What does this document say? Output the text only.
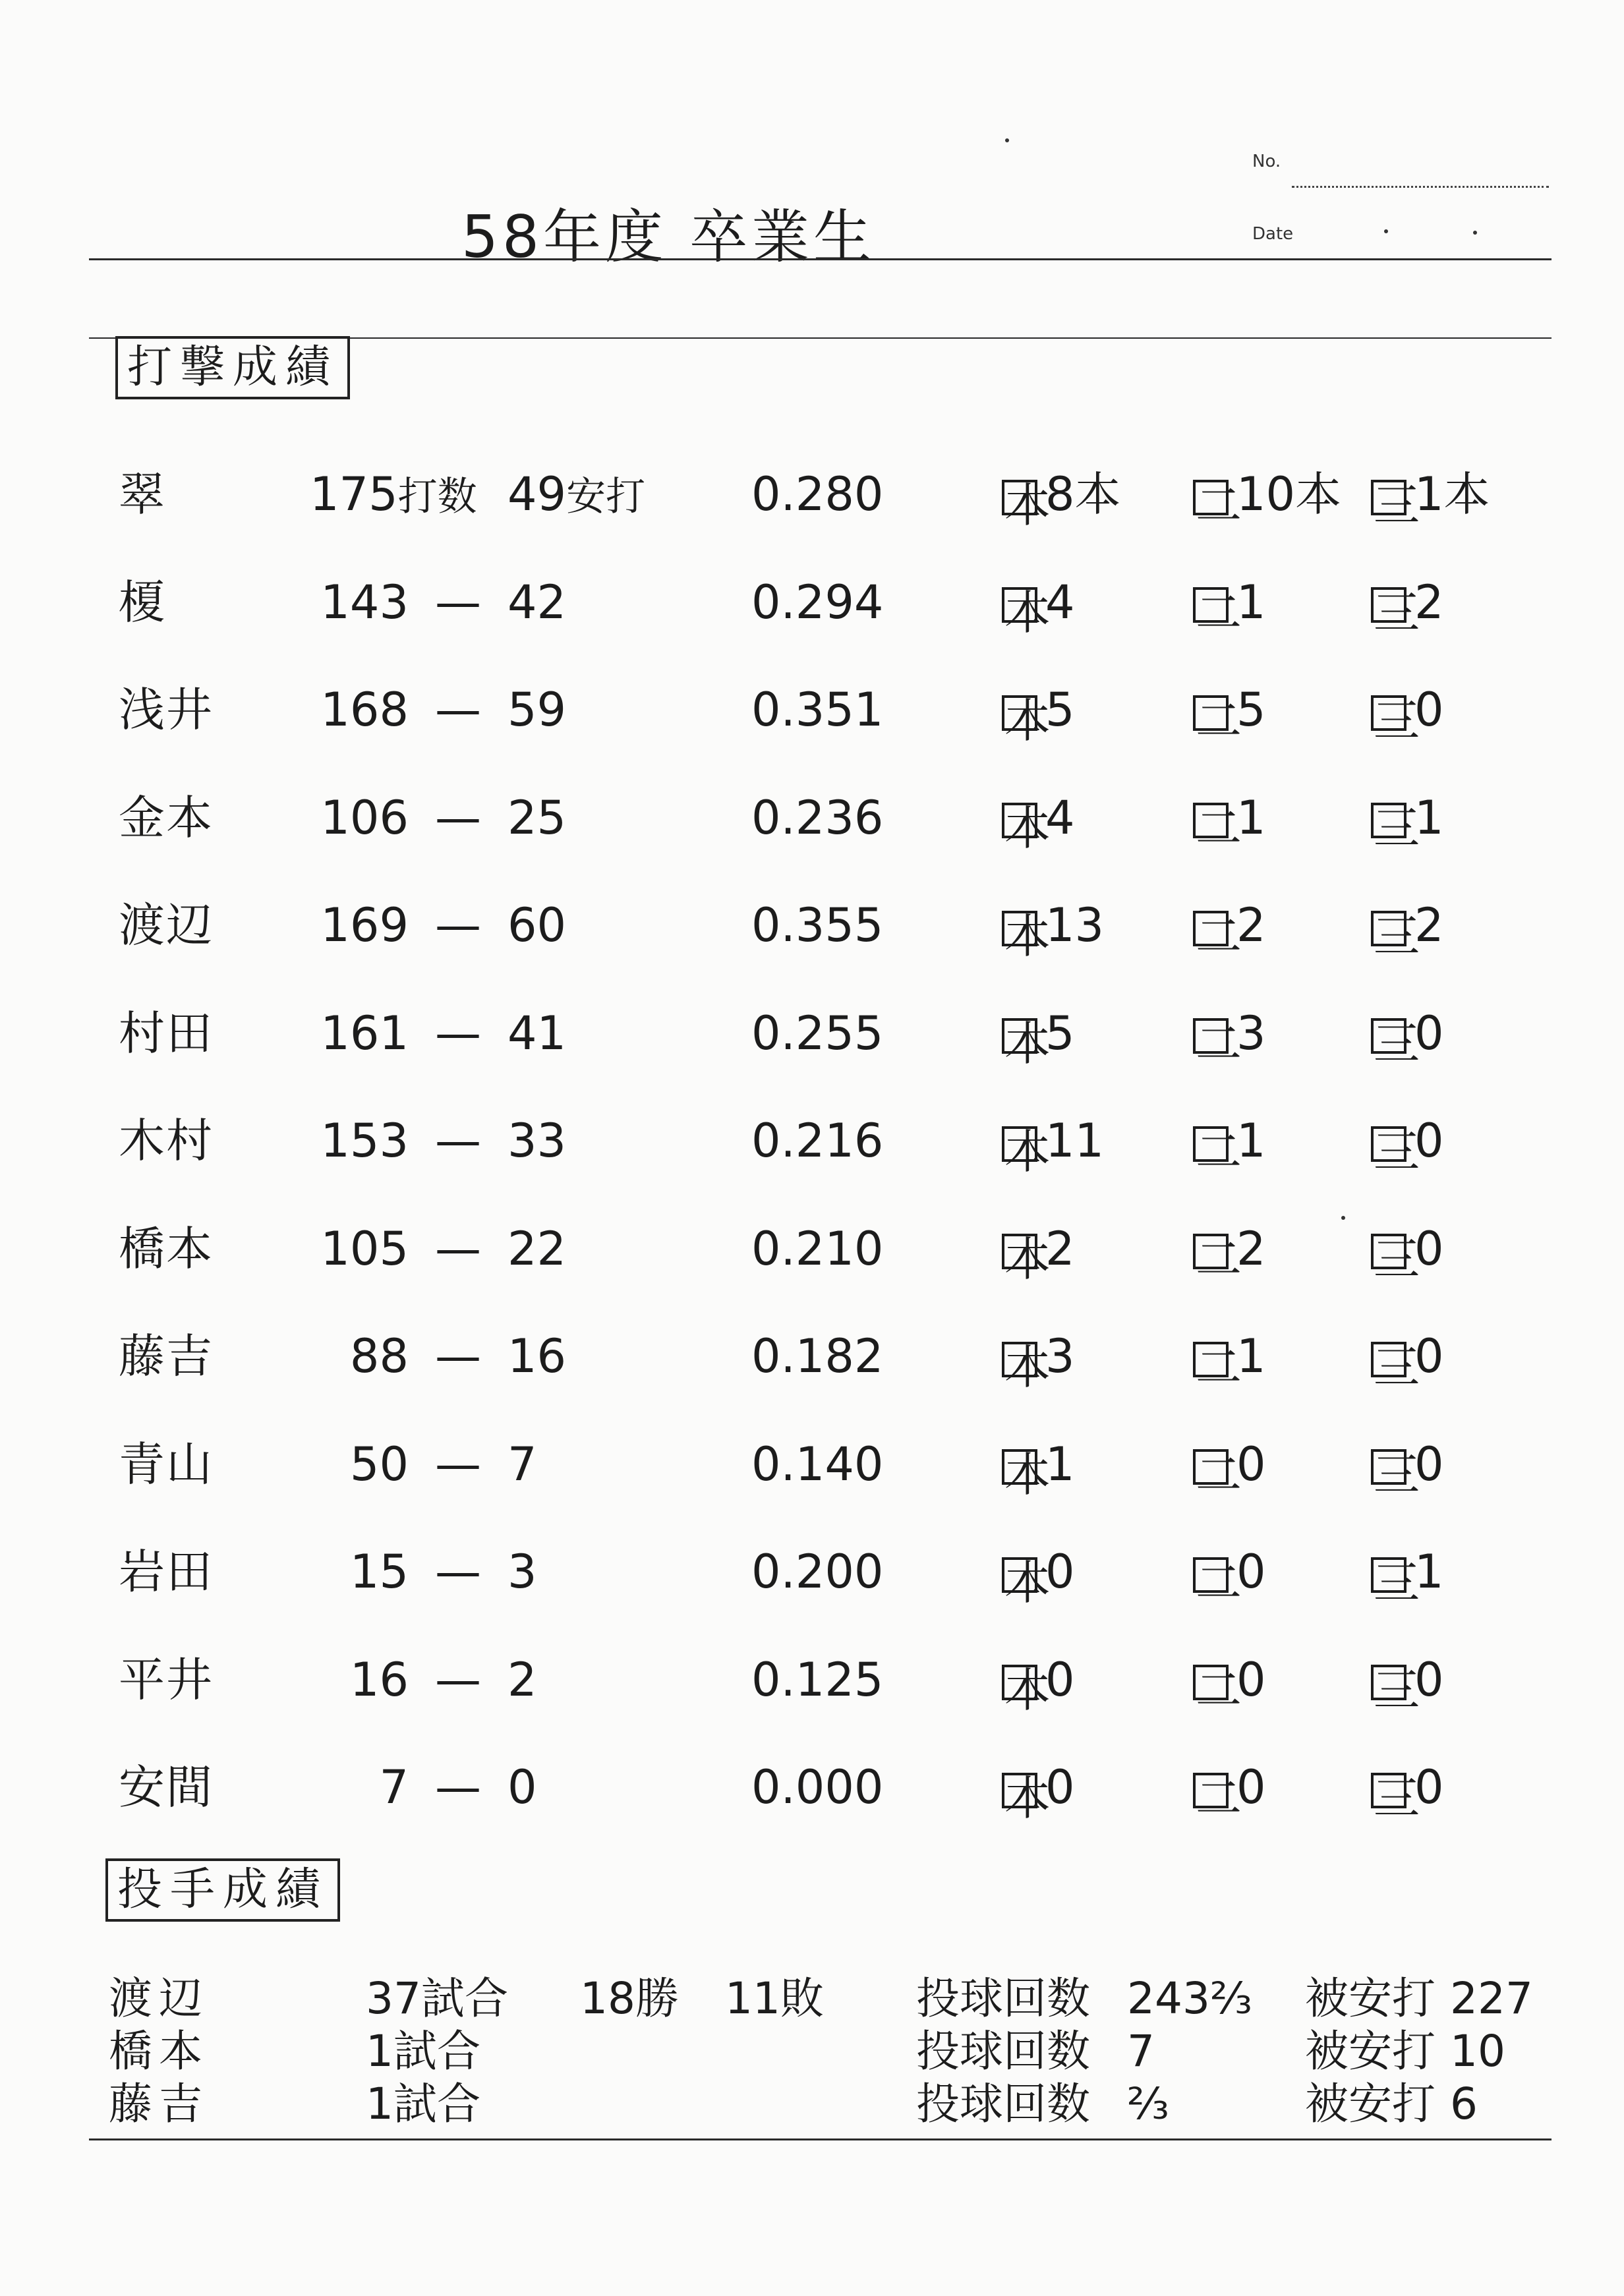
No.
58年度 卒業生	Date
打撃成績
翠	175打数 49安打 0.280	本8本 二10本 三1本
榎	143 — 42	0.294	本4	二1 三2
浅井 168 — 59	0.351	本5	二5 三0
金本 106 — 25	0.236	本4	二1 三1
渡辺 169 — 60	0.355	本13 二2 三2
村田 161 — 41	0.255	本5	二3 三0
木村 153 — 33	0.216	本11 二1 三0
橋本 105 — 22	0.210	本2	二2 三0
藤吉	88 — 16	0.182	本3	二1 三0
青山	50 — 7	0.140	本1	二0 三0
岩田	15 — 3	0.200	本0	二0 三1
平井	16 — 2	0.125	本0	二0 三0
安間	7 — 0	0.000	本0	二0 三0
投手成績
渡辺	37試合 18勝 11敗 投球回数 243⅔ 被安打 227
橋本	1試合	投球回数 7	被安打 10
藤吉	1試合	投球回数 ⅔	被安打 6
